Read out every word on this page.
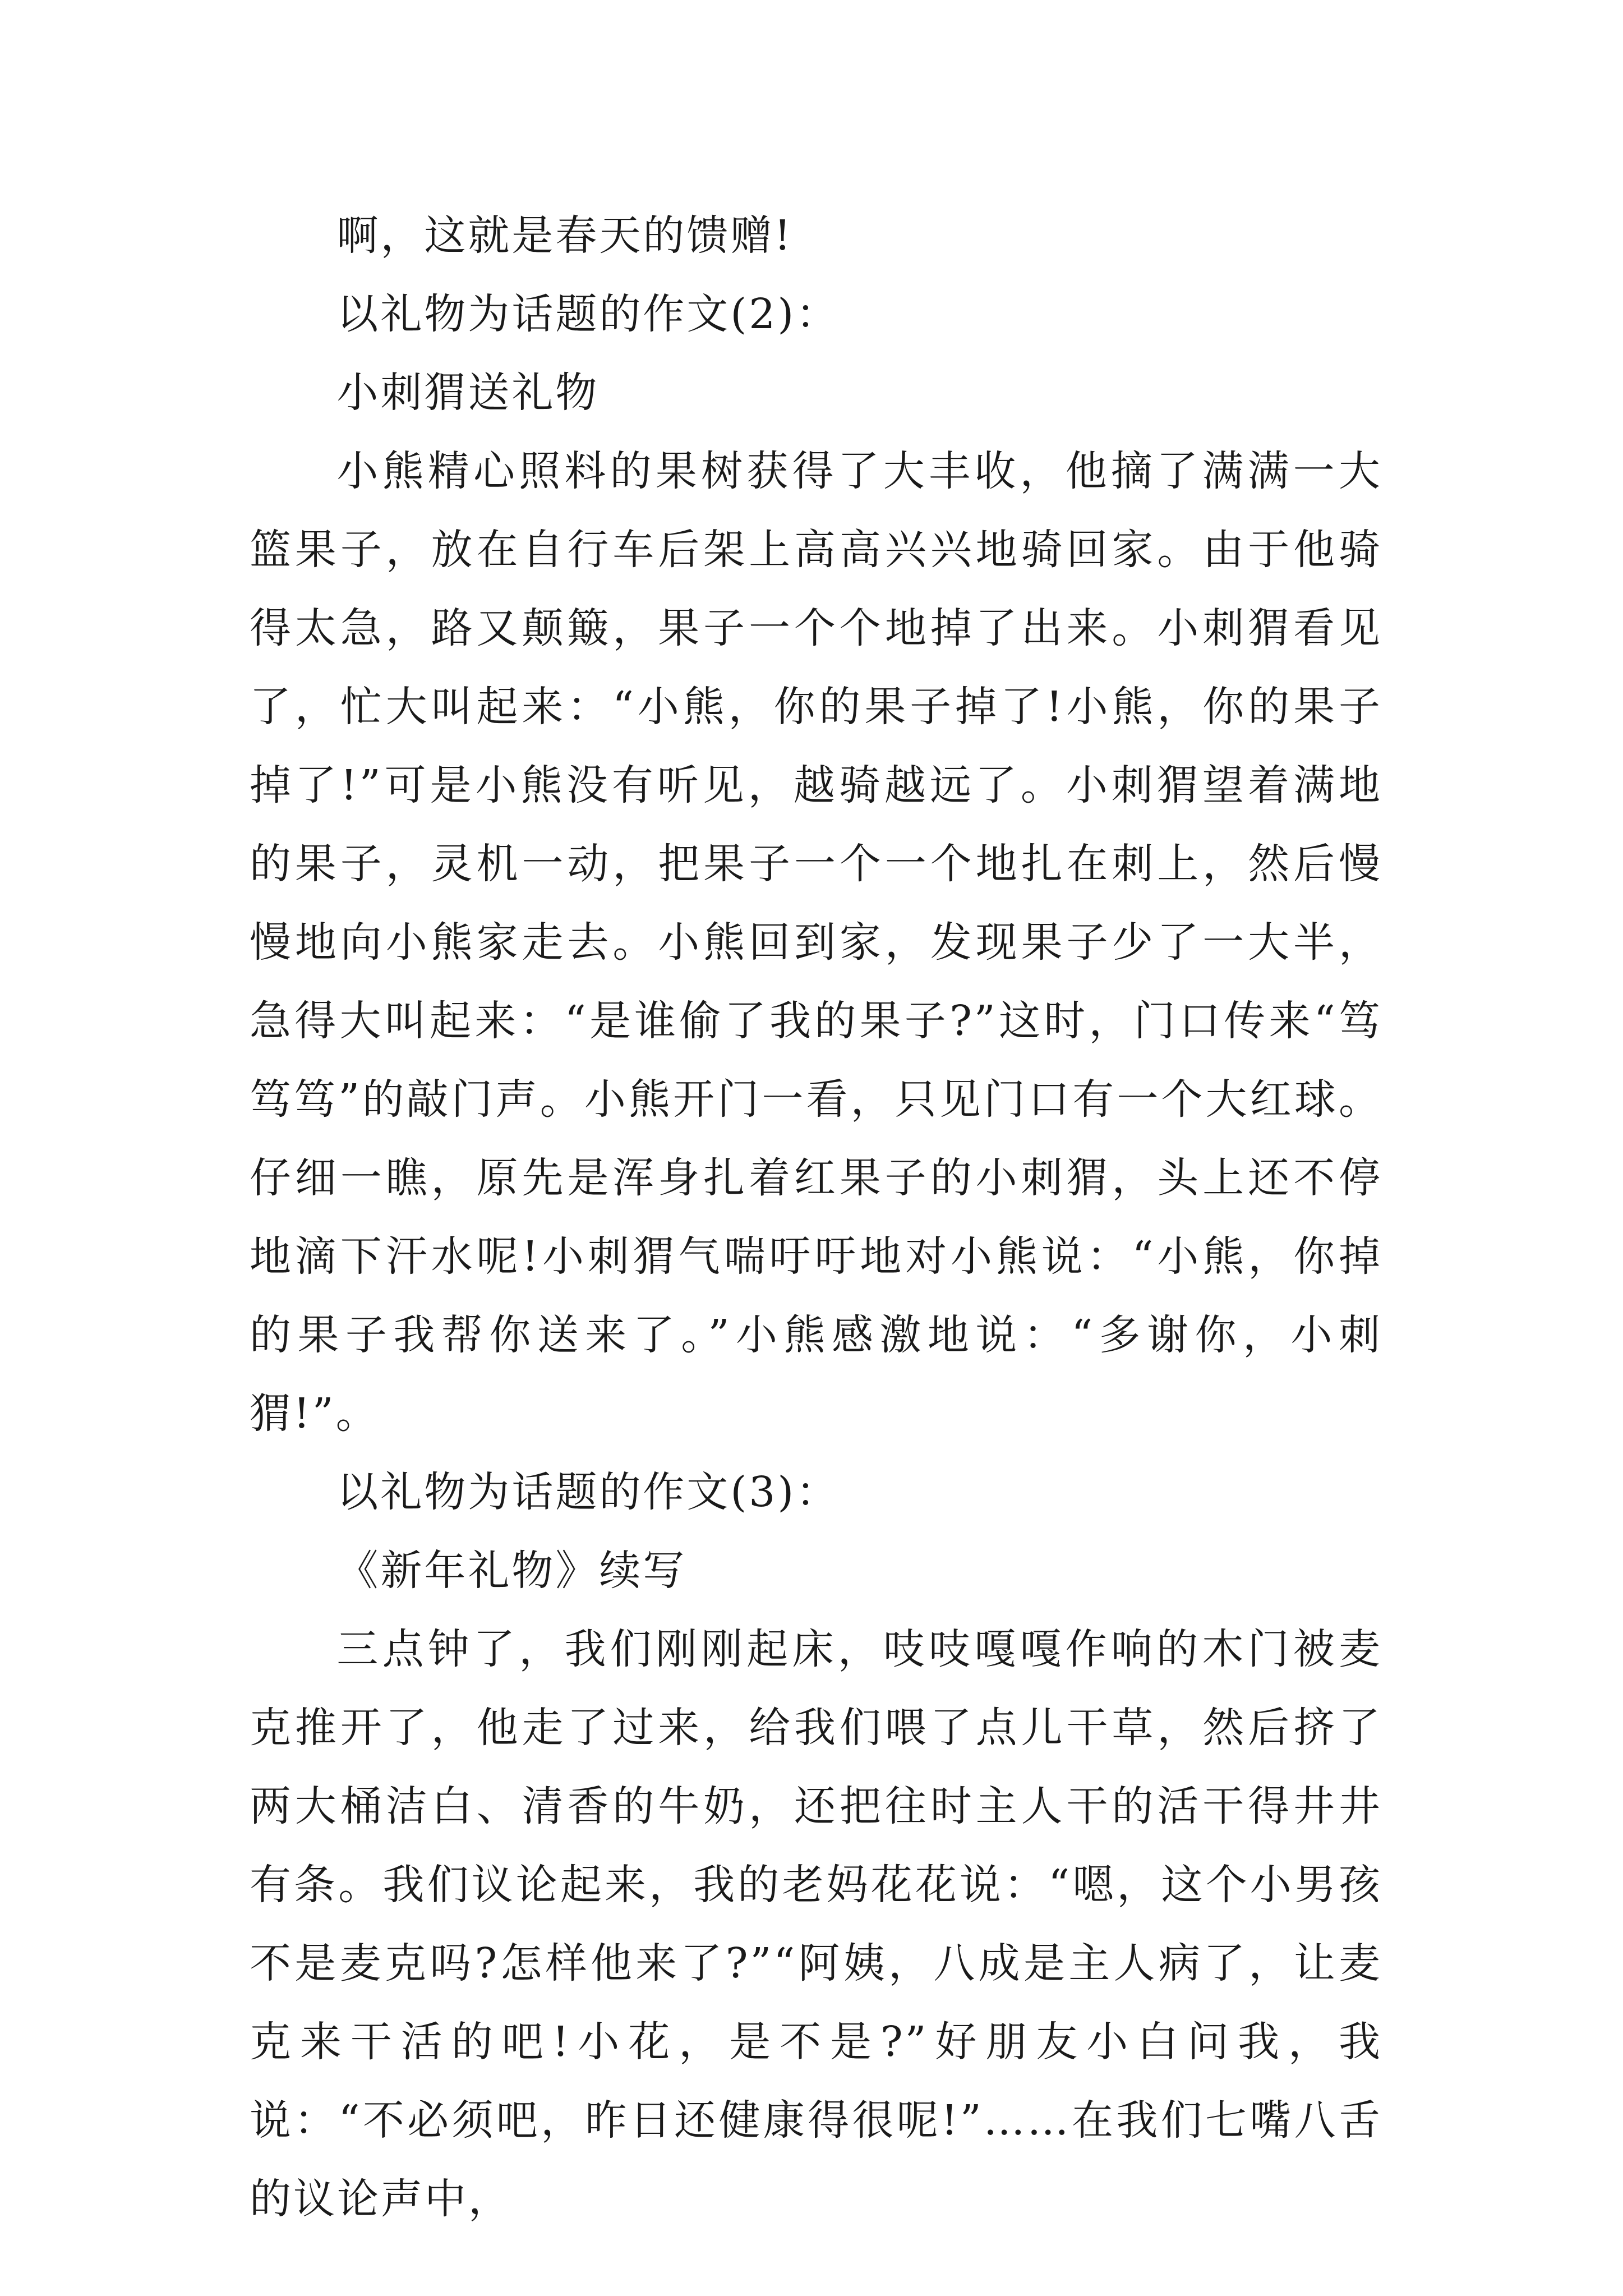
啊，这就是春天的馈赠!

以礼物为话题的作文(2)：

小刺猬送礼物

小熊精心照料的果树获得了大丰收，他摘了满满一大篮果子，放在自行车后架上高高兴兴地骑回家。由于他骑得太急，路又颠簸，果子一个个地掉了出来。小刺猬看见了，忙大叫起来：“小熊，你的果子掉了!小熊，你的果子掉了!”可是小熊没有听见，越骑越远了。小刺猬望着满地的果子，灵机一动，把果子一个一个地扎在刺上，然后慢慢地向小熊家走去。小熊回到家，发现果子少了一大半，急得大叫起来：“是谁偷了我的果子?”这时，门口传来“笃笃笃”的敲门声。小熊开门一看，只见门口有一个大红球。仔细一瞧，原先是浑身扎着红果子的小刺猬，头上还不停地滴下汗水呢!小刺猬气喘吁吁地对小熊说：“小熊，你掉的果子我帮你送来了。”小熊感激地说：“多谢你，小刺猬!”。

以礼物为话题的作文(3)：

《新年礼物》续写

三点钟了，我们刚刚起床，吱吱嘎嘎作响的木门被麦克推开了，他走了过来，给我们喂了点儿干草，然后挤了两大桶洁白、清香的牛奶，还把往时主人干的活干得井井有条。我们议论起来，我的老妈花花说：“嗯，这个小男孩不是麦克吗?怎样他来了?”“阿姨，八成是主人病了，让麦克来干活的吧!小花，是不是?”好朋友小白问我，我说：“不必须吧，昨日还健康得很呢!”……在我们七嘴八舌的议论声中，
